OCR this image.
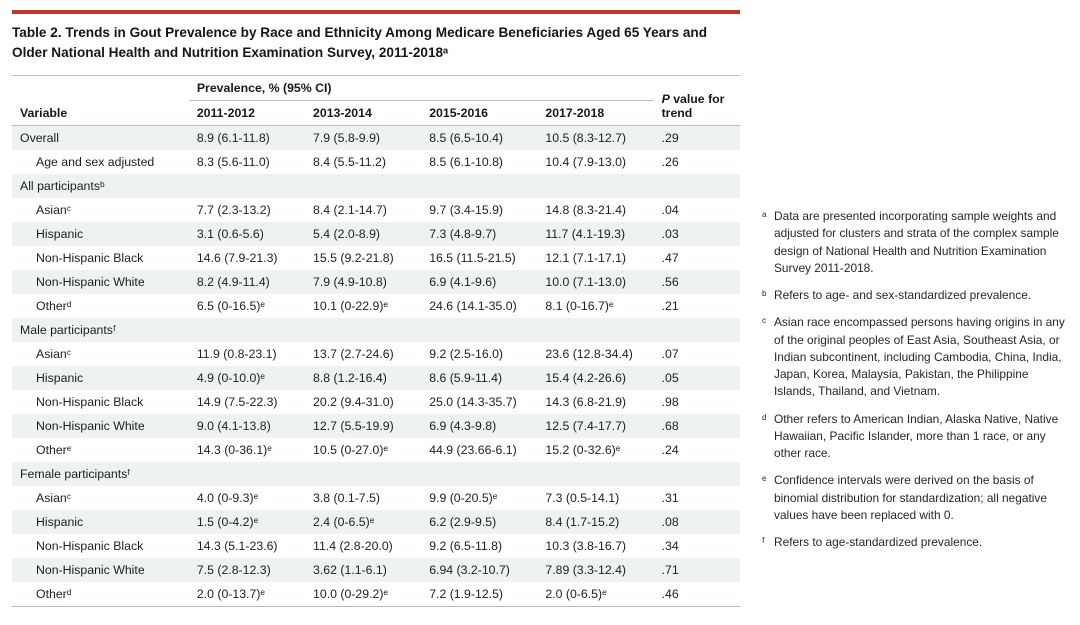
Table 2. Trends in Gout Prevalence by Race and Ethnicity Among Medicare Beneficiaries Aged 65 Years and Older National Health and Nutrition Examination Survey, 2011-2018ᵃ
Variable	Prevalence, % (95% CI)				P value for trend
	2011-2012	2013-2014	2015-2016	2017-2018	
Overall	8.9 (6.1-11.8)	7.9 (5.8-9.9)	8.5 (6.5-10.4)	10.5 (8.3-12.7)	.29
Age and sex adjusted	8.3 (5.6-11.0)	8.4 (5.5-11.2)	8.5 (6.1-10.8)	10.4 (7.9-13.0)	.26
All participantsᵇ					
Asianᶜ	7.7 (2.3-13.2)	8.4 (2.1-14.7)	9.7 (3.4-15.9)	14.8 (8.3-21.4)	.04
Hispanic	3.1 (0.6-5.6)	5.4 (2.0-8.9)	7.3 (4.8-9.7)	11.7 (4.1-19.3)	.03
Non-Hispanic Black	14.6 (7.9-21.3)	15.5 (9.2-21.8)	16.5 (11.5-21.5)	12.1 (7.1-17.1)	.47
Non-Hispanic White	8.2 (4.9-11.4)	7.9 (4.9-10.8)	6.9 (4.1-9.6)	10.0 (7.1-13.0)	.56
Otherᵈ	6.5 (0-16.5)ᵉ	10.1 (0-22.9)ᵉ	24.6 (14.1-35.0)	8.1 (0-16.7)ᵉ	.21
Male participantsᶠ					
Asianᶜ	11.9 (0.8-23.1)	13.7 (2.7-24.6)	9.2 (2.5-16.0)	23.6 (12.8-34.4)	.07
Hispanic	4.9 (0-10.0)ᵉ	8.8 (1.2-16.4)	8.6 (5.9-11.4)	15.4 (4.2-26.6)	.05
Non-Hispanic Black	14.9 (7.5-22.3)	20.2 (9.4-31.0)	25.0 (14.3-35.7)	14.3 (6.8-21.9)	.98
Non-Hispanic White	9.0 (4.1-13.8)	12.7 (5.5-19.9)	6.9 (4.3-9.8)	12.5 (7.4-17.7)	.68
Otherᵉ	14.3 (0-36.1)ᵉ	10.5 (0-27.0)ᵉ	44.9 (23.66-6.1)	15.2 (0-32.6)ᵉ	.24
Female participantsᶠ					
Asianᶜ	4.0 (0-9.3)ᵉ	3.8 (0.1-7.5)	9.9 (0-20.5)ᵉ	7.3 (0.5-14.1)	.31
Hispanic	1.5 (0-4.2)ᵉ	2.4 (0-6.5)ᵉ	6.2 (2.9-9.5)	8.4 (1.7-15.2)	.08
Non-Hispanic Black	14.3 (5.1-23.6)	11.4 (2.8-20.0)	9.2 (6.5-11.8)	10.3 (3.8-16.7)	.34
Non-Hispanic White	7.5 (2.8-12.3)	3.62 (1.1-6.1)	6.94 (3.2-10.7)	7.89 (3.3-12.4)	.71
Otherᵈ	2.0 (0-13.7)ᵉ	10.0 (0-29.2)ᵉ	7.2 (1.9-12.5)	2.0 (0-6.5)ᵉ	.46
ᵃ Data are presented incorporating sample weights and adjusted for clusters and strata of the complex sample design of National Health and Nutrition Examination Survey 2011-2018.
ᵇ Refers to age- and sex-standardized prevalence.
ᶜ Asian race encompassed persons having origins in any of the original peoples of East Asia, Southeast Asia, or Indian subcontinent, including Cambodia, China, India, Japan, Korea, Malaysia, Pakistan, the Philippine Islands, Thailand, and Vietnam.
ᵈ Other refers to American Indian, Alaska Native, Native Hawaiian, Pacific Islander, more than 1 race, or any other race.
ᵉ Confidence intervals were derived on the basis of binomial distribution for standardization; all negative values have been replaced with 0.
ᶠ Refers to age-standardized prevalence.
